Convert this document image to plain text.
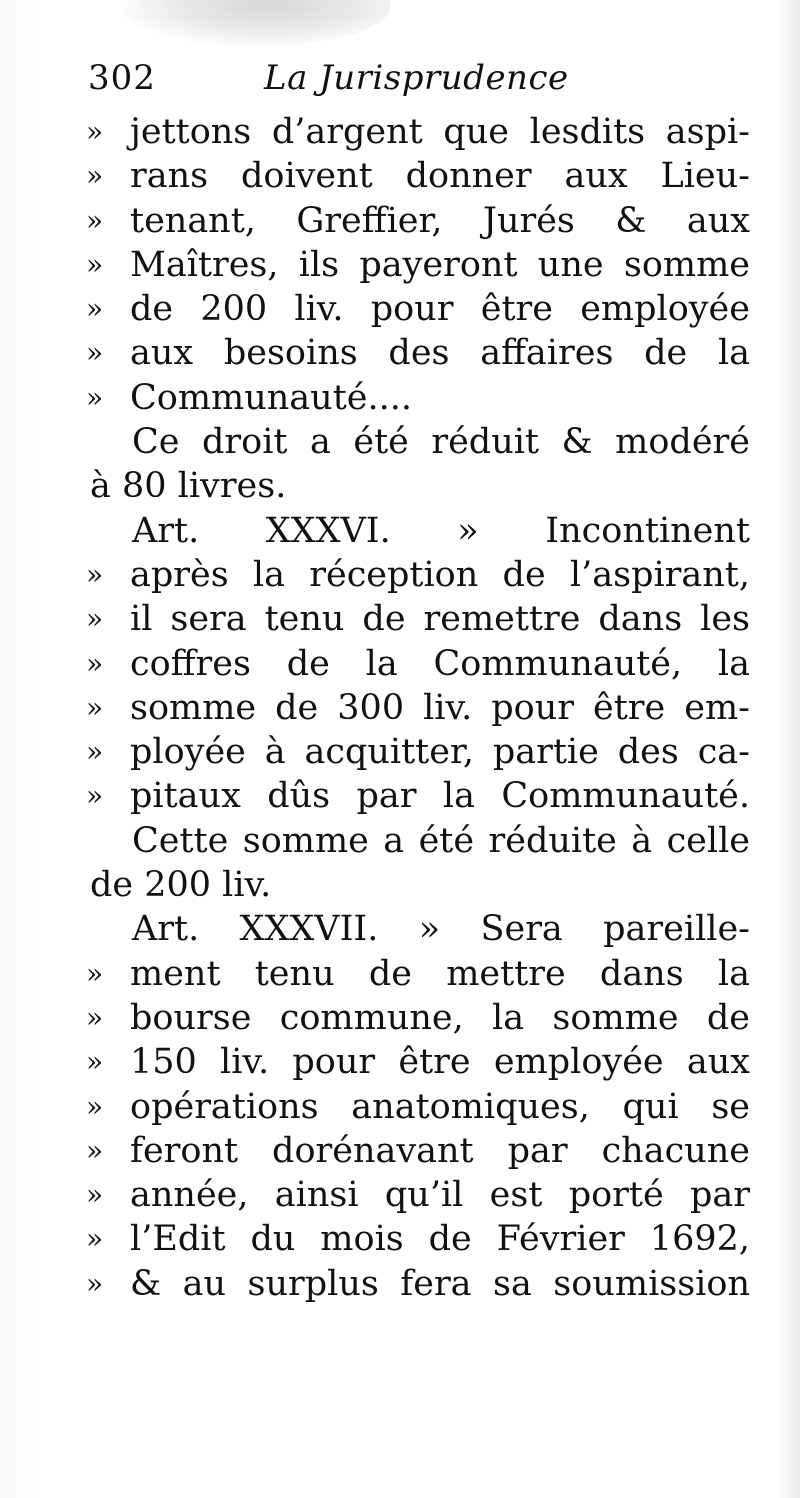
302	La Jurisprudence
» jettons d’argent que lesdits aspi-
» rans doivent donner aux Lieu-
» tenant, Greffier, Jurés & aux
» Maîtres, ils payeront une somme
» de 200 liv. pour être employée
» aux besoins des affaires de la
» Communauté....
Ce droit a été réduit & modéré
à 80 livres.
Art. XXXVI. » Incontinent
» après la réception de l’aspirant,
» il sera tenu de remettre dans les
» coffres de la Communauté, la
» somme de 300 liv. pour être em-
» ployée à acquitter, partie des ca-
» pitaux dûs par la Communauté.
Cette somme a été réduite à celle
de 200 liv.
Art. XXXVII. » Sera pareille-
» ment tenu de mettre dans la
» bourse commune, la somme de
» 150 liv. pour être employée aux
» opérations anatomiques, qui se
» feront dorénavant par chacune
» année, ainsi qu’il est porté par
» l’Edit du mois de Février 1692,
» & au surplus fera sa soumission
